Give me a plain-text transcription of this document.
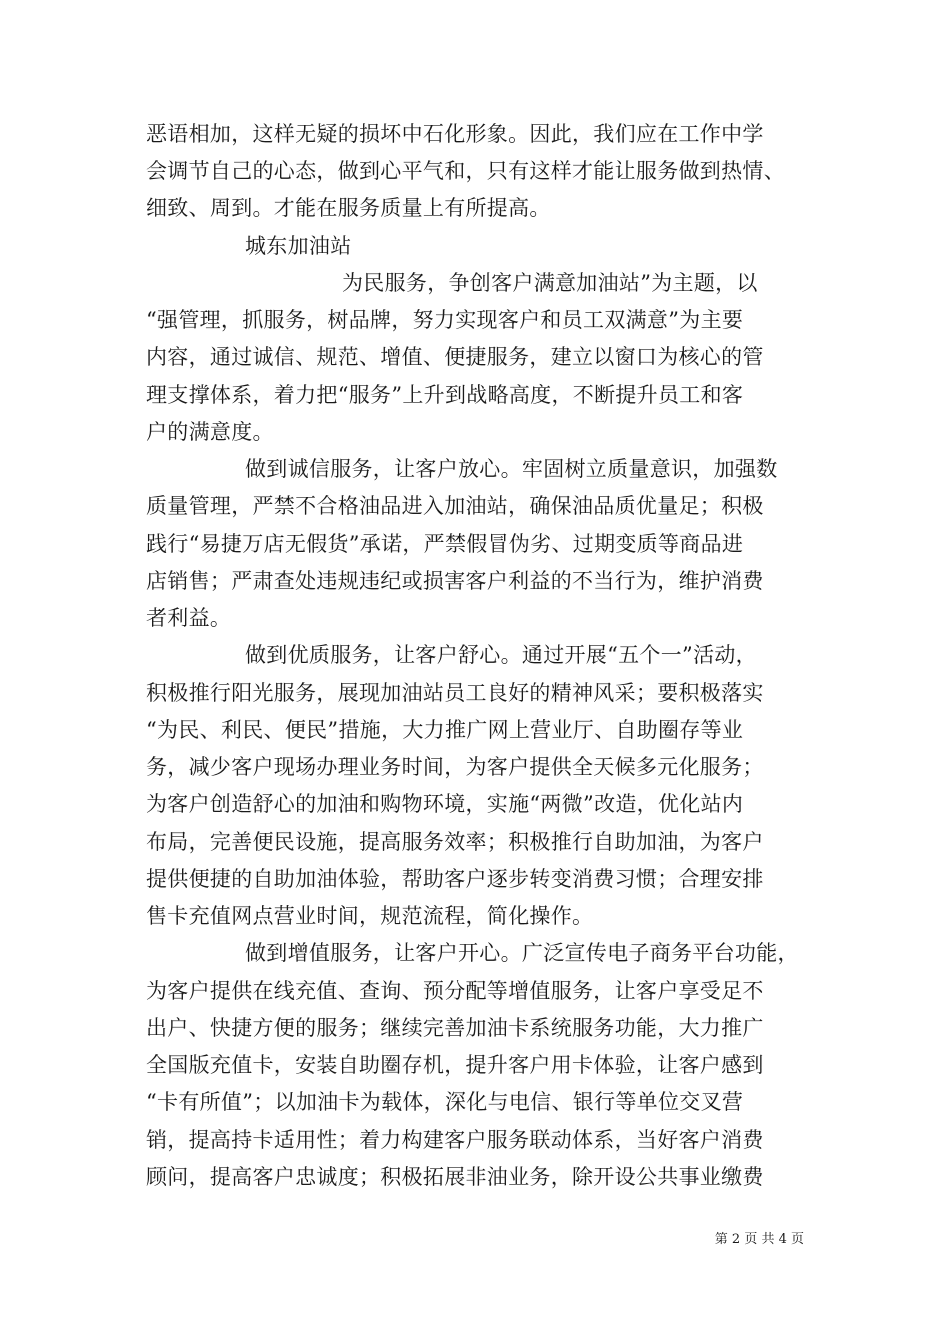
恶语相加，这样无疑的损坏中石化形象。因此，我们应在工作中学
会调节自己的心态，做到心平气和，只有这样才能让服务做到热情、
细致、周到。才能在服务质量上有所提高。
城东加油站
为民服务，争创客户满意加油站”为主题，以
“强管理，抓服务，树品牌，努力实现客户和员工双满意”为主要
内容，通过诚信、规范、增值、便捷服务，建立以窗口为核心的管
理支撑体系，着力把“服务”上升到战略高度，不断提升员工和客
户的满意度。
做到诚信服务，让客户放心。牢固树立质量意识，加强数
质量管理，严禁不合格油品进入加油站，确保油品质优量足；积极
践行“易捷万店无假货”承诺，严禁假冒伪劣、过期变质等商品进
店销售；严肃查处违规违纪或损害客户利益的不当行为，维护消费
者利益。
做到优质服务，让客户舒心。通过开展“五个一”活动，
积极推行阳光服务，展现加油站员工良好的精神风采；要积极落实
“为民、利民、便民”措施，大力推广网上营业厅、自助圈存等业
务，减少客户现场办理业务时间，为客户提供全天候多元化服务；
为客户创造舒心的加油和购物环境，实施“两微”改造，优化站内
布局，完善便民设施，提高服务效率；积极推行自助加油，为客户
提供便捷的自助加油体验，帮助客户逐步转变消费习惯；合理安排
售卡充值网点营业时间，规范流程，简化操作。
做到增值服务，让客户开心。广泛宣传电子商务平台功能，
为客户提供在线充值、查询、预分配等增值服务，让客户享受足不
出户、快捷方便的服务；继续完善加油卡系统服务功能，大力推广
全国版充值卡，安装自助圈存机，提升客户用卡体验，让客户感到
“卡有所值”；以加油卡为载体，深化与电信、银行等单位交叉营
销，提高持卡适用性；着力构建客户服务联动体系，当好客户消费
顾问，提高客户忠诚度；积极拓展非油业务，除开设公共事业缴费
第 2 页 共 4 页
